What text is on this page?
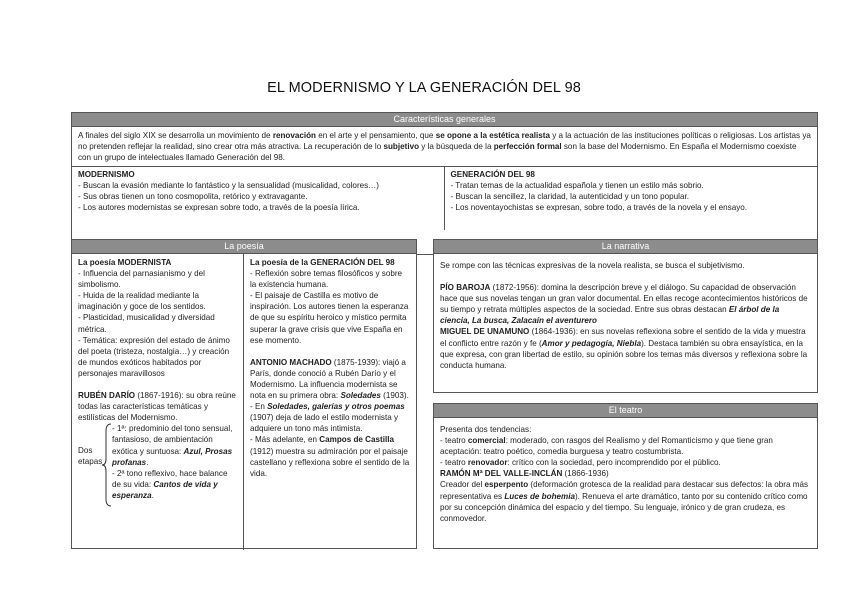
EL MODERNISMO Y LA GENERACIÓN DEL 98
Características generales
A finales del siglo XIX se desarrolla un movimiento de renovación en el arte y el pensamiento, que se opone a la estética realista y a la actuación de las instituciones políticas o religiosas. Los artistas ya no pretenden reflejar la realidad, sino crear otra más atractiva. La recuperación de lo subjetivo y la búsqueda de la perfección formal son la base del Modernismo. En España el Modernismo coexiste con un grupo de intelectuales llamado Generación del 98.

MODERNISMO

- Buscan la evasión mediante lo fantástico y la sensualidad (musicalidad, colores…)

- Sus obras tienen un tono cosmopolita, retórico y extravagante.

- Los autores modernistas se expresan sobre todo, a través de la poesía lírica.

GENERACIÓN DEL 98

- Tratan temas de la actualidad española y tienen un estilo más sobrio.

- Buscan la sencillez, la claridad, la autenticidad y un tono popular.

- Los noventayochistas se expresan, sobre todo, a través de la novela y el ensayo.

La poesía

La poesía MODERNISTA

- Influencia del parnasianismo y del simbolismo.

- Huida de la realidad mediante la imaginación y goce de los sentidos.

- Plasticidad, musicalidad y diversidad métrica.

- Temática: expresión del estado de ánimo del poeta (tristeza, nostalgia…) y creación de mundos exóticos habitados por personajes maravillosos

RUBÉN DARÍO (1867-1916): su obra reúne todas las características temáticas y estilísticas del Modernismo.

Dos etapas

- 1ª: predominio del tono sensual, fantasioso, de ambientación exótica y suntuosa: Azul, Prosas profanas.

- 2ª tono reflexivo, hace balance de su vida: Cantos de vida y esperanza.

La poesía de la GENERACIÓN DEL 98

- Reflexión sobre temas filosóficos y sobre la existencia humana.

- El paisaje de Castilla es motivo de inspiración. Los autores tienen la esperanza de que su espíritu heroico y místico permita superar la grave crisis que vive España en ese momento.

ANTONIO MACHADO (1875-1939): viajó a París, donde conoció a Rubén Darío y el Modernismo. La influencia modernista se nota en su primera obra: Soledades (1903).

- En Soledades, galerías y otros poemas (1907) deja de lado el estilo modernista y adquiere un tono más intimista.

- Más adelante, en Campos de Castilla (1912) muestra su admiración por el paisaje castellano y reflexiona sobre el sentido de la vida.

La narrativa

Se rompe con las técnicas expresivas de la novela realista, se busca el subjetivismo.

PÍO BAROJA (1872-1956): domina la descripción breve y el diálogo. Su capacidad de observación hace que sus novelas tengan un gran valor documental. En ellas recoge acontecimientos históricos de su tiempo y retrata múltiples aspectos de la sociedad. Entre sus obras destacan El árbol de la ciencia, La busca, Zalacaín el aventurero

MIGUEL DE UNAMUNO (1864-1936): en sus novelas reflexiona sobre el sentido de la vida y muestra el conflicto entre razón y fe (Amor y pedagogía, Niebla). Destaca también su obra ensayística, en la que expresa, con gran libertad de estilo, su opinión sobre los temas más diversos y reflexiona sobre la conducta humana.

El teatro

Presenta dos tendencias:

- teatro comercial: moderado, con rasgos del Realismo y del Romanticismo y que tiene gran aceptación: teatro poético, comedia burguesa y teatro costumbrista.

- teatro renovador: crítico con la sociedad, pero incomprendido por el público.

RAMÓN Mª DEL VALLE-INCLÁN (1866-1936)

Creador del esperpento (deformación grotesca de la realidad para destacar sus defectos: la obra más representativa es Luces de bohemia). Renueva el arte dramático, tanto por su contenido crítico como por su concepción dinámica del espacio y del tiempo. Su lenguaje, irónico y de gran crudeza, es conmovedor.
